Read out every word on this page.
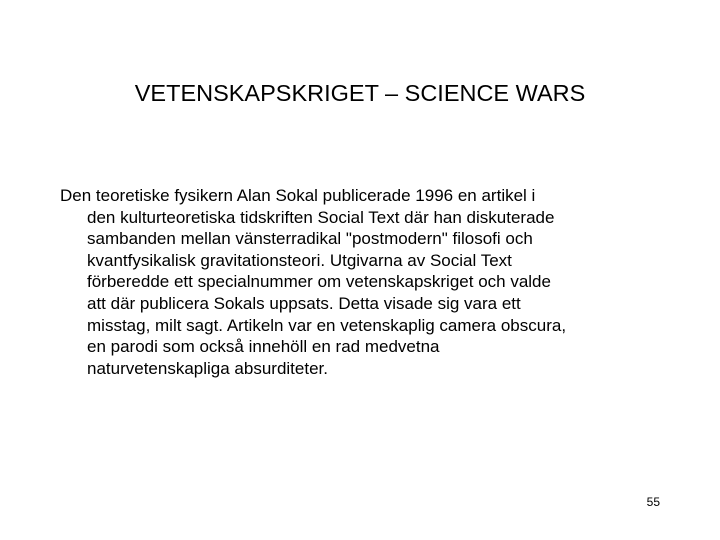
VETENSKAPSKRIGET – SCIENCE WARS
Den teoretiske fysikern Alan Sokal publicerade 1996 en artikel i
den kulturteoretiska tidskriften Social Text där han diskuterade
sambanden mellan vänsterradikal "postmodern" filosofi och
kvantfysikalisk gravitationsteori. Utgivarna av Social Text
förberedde ett specialnummer om vetenskapskriget och valde
att där publicera Sokals uppsats. Detta visade sig vara ett
misstag, milt sagt. Artikeln var en vetenskaplig camera obscura,
en parodi som också innehöll en rad medvetna
naturvetenskapliga absurditeter.
55
